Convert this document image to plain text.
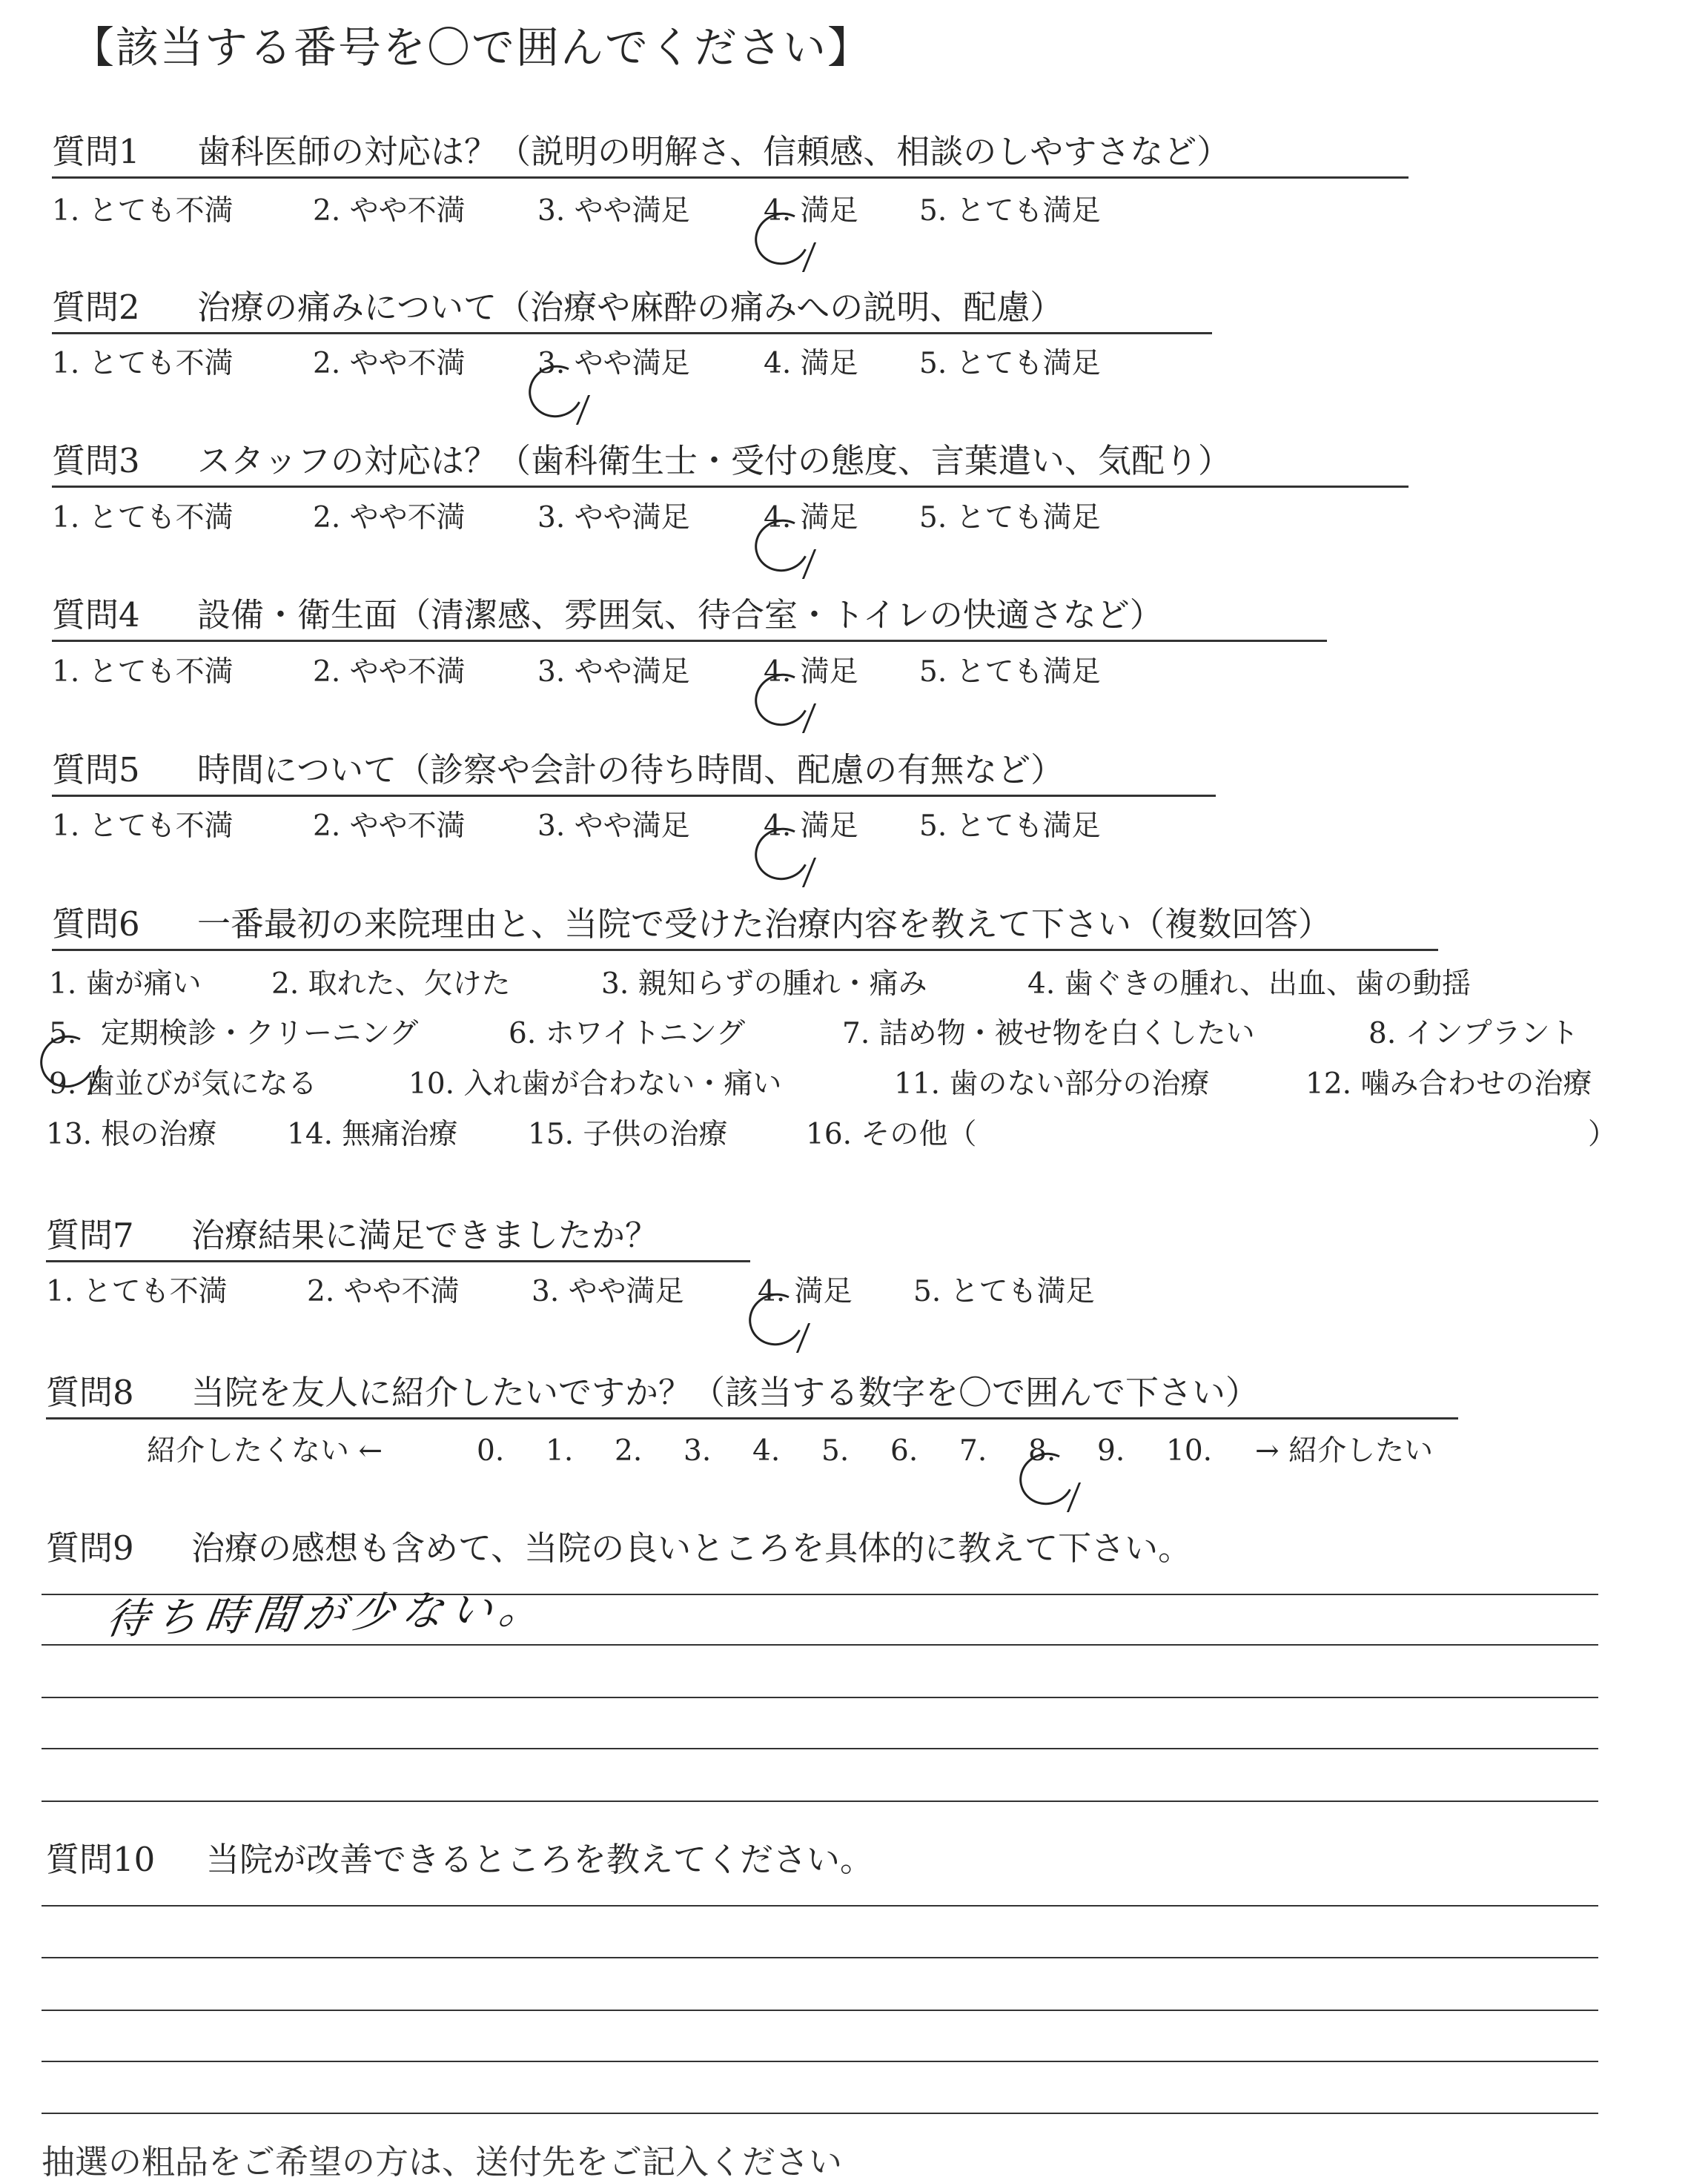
【該当する番号を〇で囲んでください】
質問1 歯科医師の対応は？（説明の明解さ、信頼感、相談のしやすさなど）
1. とても不満	2. やや不満 3. やや満足	4. 満足 5. とても満足
質問2 治療の痛みについて（治療や麻酔の痛みへの説明、配慮）
1. とても不満	2. やや不満 3. やや満足	4. 満足 5. とても満足
質問3 スタッフの対応は？（歯科衛生士・受付の態度、言葉遣い、気配り）
1. とても不満	2. やや不満 3. やや満足	4. 満足 5. とても満足
質問4 設備・衛生面（清潔感、雰囲気、待合室・トイレの快適さなど）
1. とても不満	2. やや不満 3. やや満足	4. 満足 5. とても満足
質問5 時間について（診察や会計の待ち時間、配慮の有無など）
1. とても不満	2. やや不満 3. やや満足	4. 満足 5. とても満足
質問6 一番最初の来院理由と、当院で受けた治療内容を教えて下さい（複数回答）
1. 歯が痛い 2. 取れた、欠けた	3. 親知らずの腫れ・痛み	4. 歯ぐきの腫れ、出血、歯の動揺
5. 定期検診・クリーニング	6. ホワイトニング	7. 詰め物・被せ物を白くしたい	8. インプラント
9. 歯並びが気になる	10. 入れ歯が合わない・痛い	11. 歯のない部分の治療	12. 噛み合わせの治療
13. 根の治療 14. 無痛治療 15. 子供の治療	16. その他（	）
質問7 治療結果に満足できましたか？
1. とても不満	2. やや不満 3. やや満足	4. 満足 5. とても満足
質問8 当院を友人に紹介したいですか？（該当する数字を〇で囲んで下さい）
紹介したくない ←	0. 1. 2. 3. 4. 5. 6. 7. 8. 9. 10. → 紹介したい
質問9 治療の感想も含めて、当院の良いところを具体的に教えて下さい。
待ち時間が少ない。
質問10 当院が改善できるところを教えてください。
抽選の粗品をご希望の方は、送付先をご記入ください
